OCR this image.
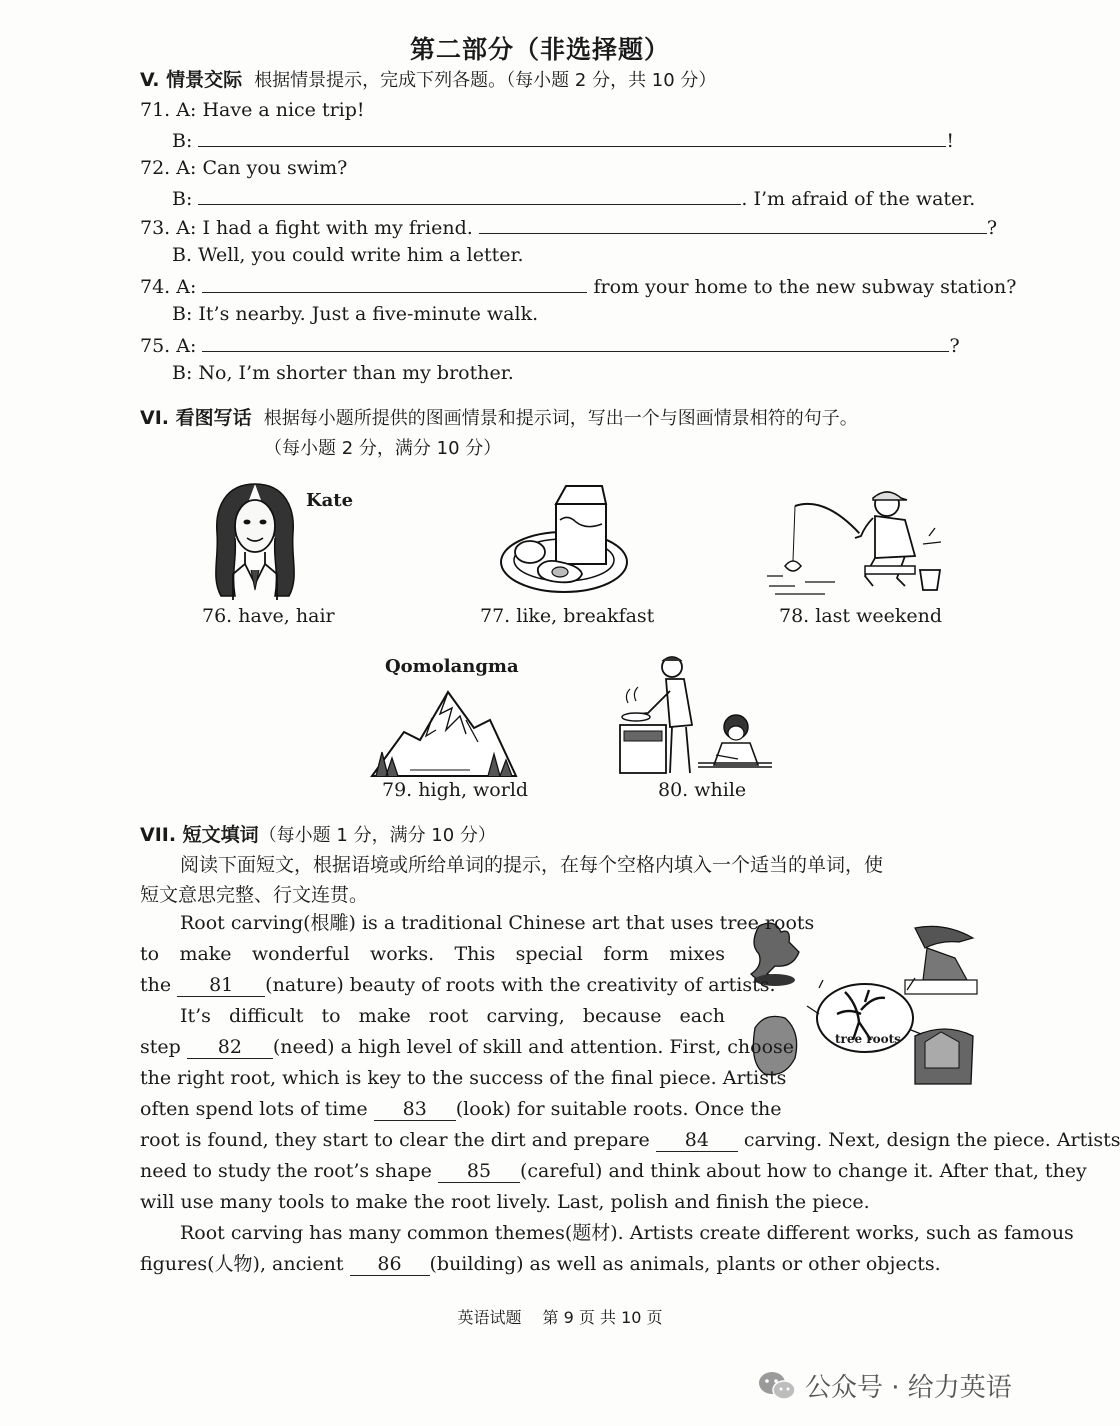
第二部分（非选择题）
V. 情景交际 根据情景提示，完成下列各题。（每小题 2 分，共 10 分）
71. A: Have a nice trip!
B:	!
72. A: Can you swim?
B:	. I’m afraid of the water.
73. A: I had a fight with my friend.	?
B. Well, you could write him a letter.
74. A:	from your home to the new subway station?
B: It’s nearby. Just a five-minute walk.
75. A:	?
B: No, I’m shorter than my brother.
VI. 看图写话 根据每小题所提供的图画情景和提示词，写出一个与图画情景相符的句子。
（每小题 2 分，满分 10 分）
Kate
76. have, hair	77. like, breakfast	78. last weekend
Qomolangma
79. high, world	80. while
VII. 短文填词（每小题 1 分，满分 10 分）
阅读下面短文，根据语境或所给单词的提示，在每个空格内填入一个适当的单词，使
短文意思完整、行文连贯。
tree roots
Root carving(根雕) is a traditional Chinese art that uses tree roots
to make wonderful works. This special form mixes
the 81 (nature) beauty of roots with the creativity of artists.
It’s difficult to make root carving, because each
step 82 (need) a high level of skill and attention. First, choose
the right root, which is key to the success of the final piece. Artists
often spend lots of time 83 (look) for suitable roots. Once the
root is found, they start to clear the dirt and prepare 84 carving. Next, design the piece. Artists
need to study the root’s shape 85 (careful) and think about how to change it. After that, they
will use many tools to make the root lively. Last, polish and finish the piece.
Root carving has many common themes(题材). Artists create different works, such as famous
figures(人物), ancient 86 (building) as well as animals, plants or other objects.
英语试题　 第 9 页 共 10 页
公众号 · 给力英语
